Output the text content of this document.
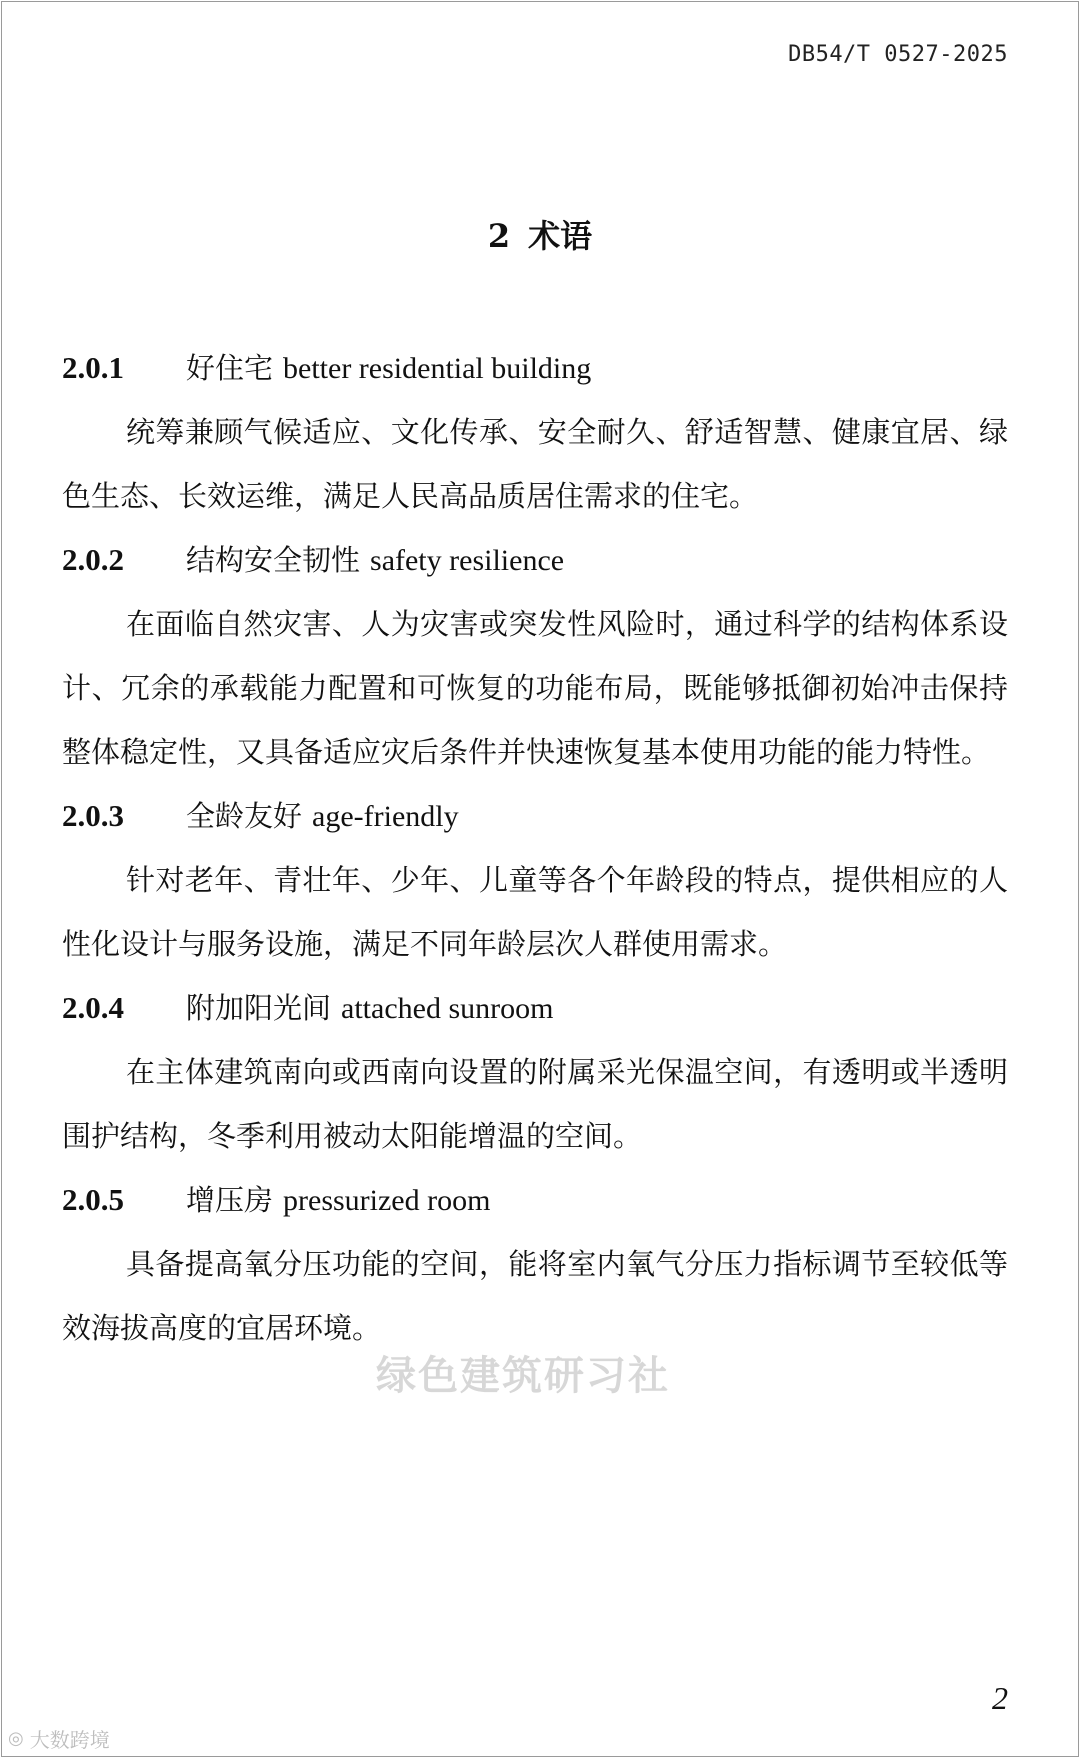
DB54/T 0527-2025
2 术语
2.0.1	好住宅 better residential building

统筹兼顾气候适应、文化传承、安全耐久、舒适智慧、健康宜居、绿色生态、长效运维，满足人民高品质居住需求的住宅。

2.0.2	结构安全韧性 safety resilience

在面临自然灾害、人为灾害或突发性风险时，通过科学的结构体系设计、冗余的承载能力配置和可恢复的功能布局，既能够抵御初始冲击保持整体稳定性，又具备适应灾后条件并快速恢复基本使用功能的能力特性。

2.0.3	全龄友好 age-friendly

针对老年、青壮年、少年、儿童等各个年龄段的特点，提供相应的人性化设计与服务设施，满足不同年龄层次人群使用需求。

2.0.4	附加阳光间 attached sunroom

在主体建筑南向或西南向设置的附属采光保温空间，有透明或半透明围护结构，冬季利用被动太阳能增温的空间。

2.0.5	增压房 pressurized room

具备提高氧分压功能的空间，能将室内氧气分压力指标调节至较低等效海拔高度的宜居环境。

绿色建筑研习社
2
◎ 大数跨境
